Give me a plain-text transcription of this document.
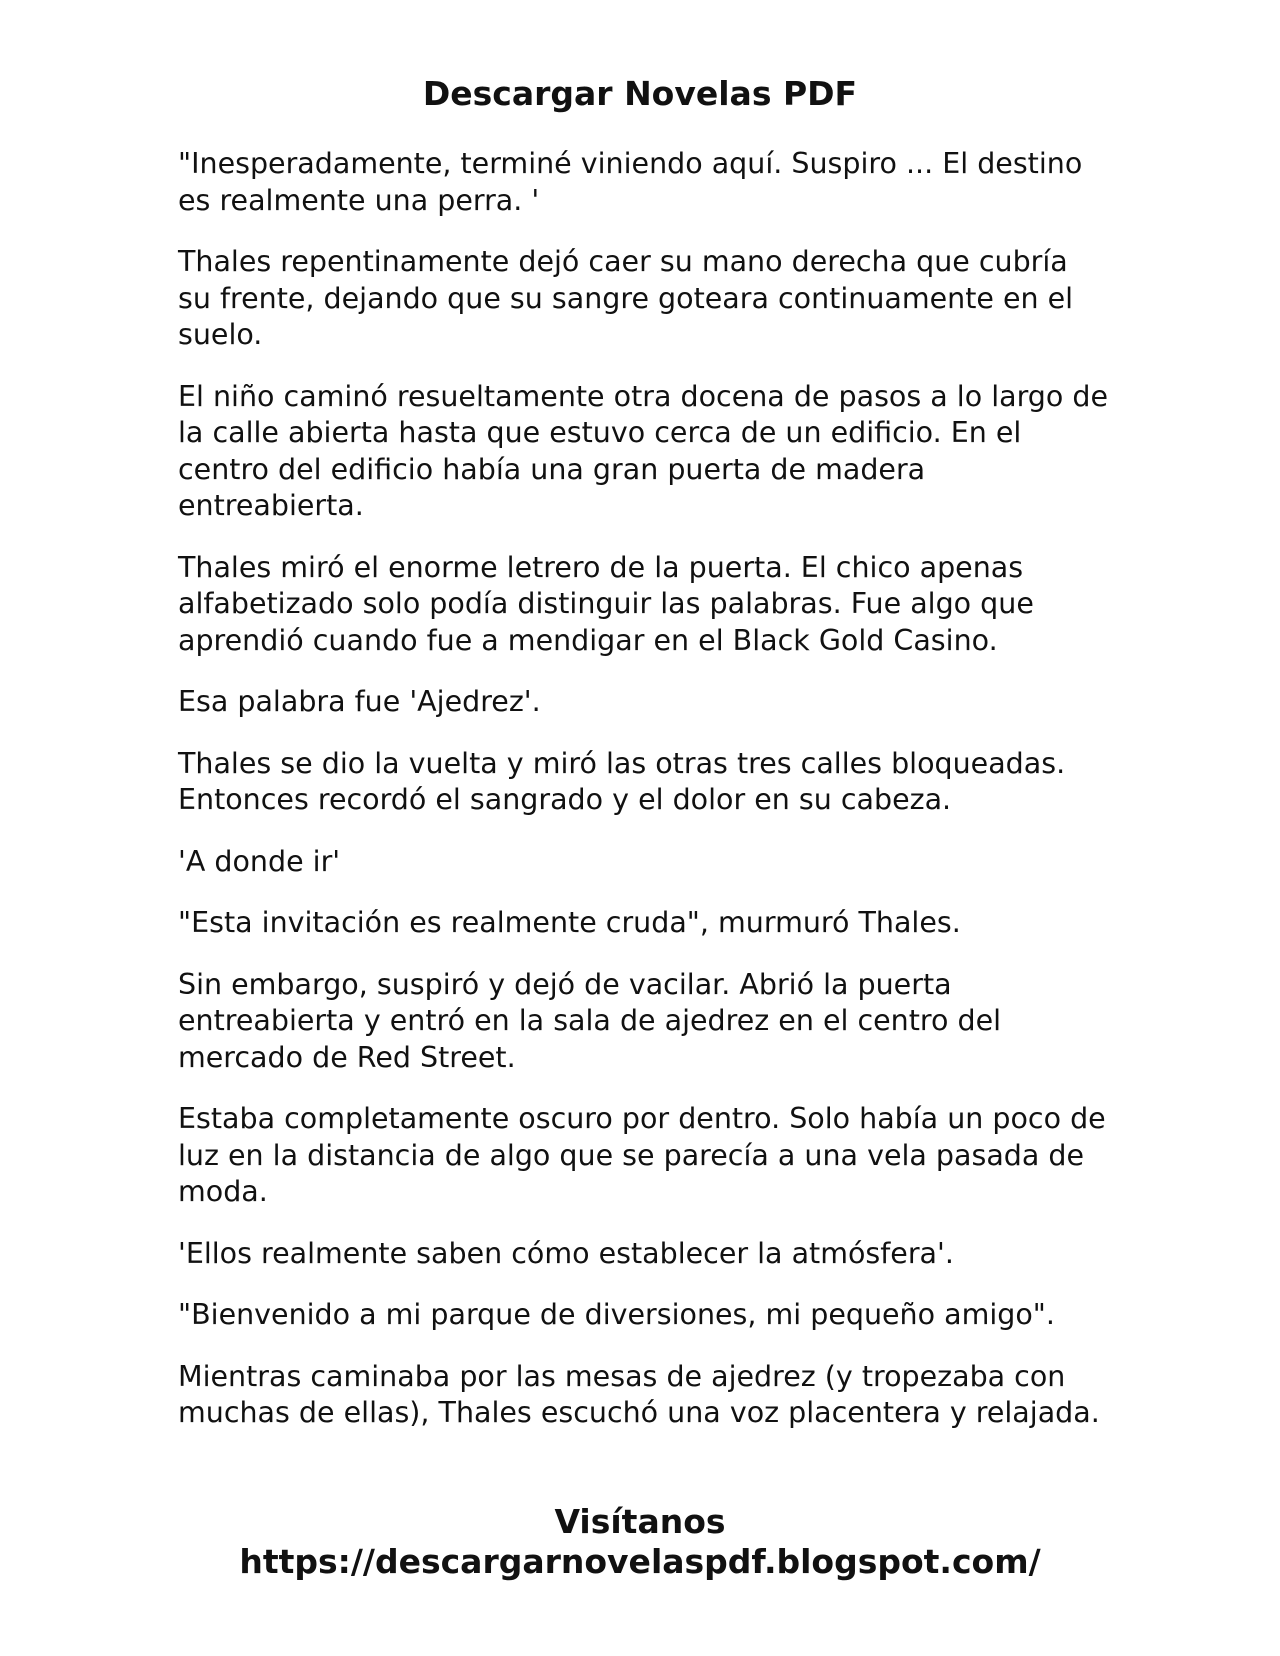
Descargar Novelas PDF

"Inesperadamente, terminé viniendo aquí. Suspiro ... El destino es realmente una perra. '

Thales repentinamente dejó caer su mano derecha que cubría su frente, dejando que su sangre goteara continuamente en el suelo.

El niño caminó resueltamente otra docena de pasos a lo largo de la calle abierta hasta que estuvo cerca de un edificio. En el centro del edificio había una gran puerta de madera entreabierta.

Thales miró el enorme letrero de la puerta. El chico apenas alfabetizado solo podía distinguir las palabras. Fue algo que aprendió cuando fue a mendigar en el Black Gold Casino.

Esa palabra fue 'Ajedrez'.

Thales se dio la vuelta y miró las otras tres calles bloqueadas. Entonces recordó el sangrado y el dolor en su cabeza.

'A donde ir'

"Esta invitación es realmente cruda", murmuró Thales.

Sin embargo, suspiró y dejó de vacilar. Abrió la puerta entreabierta y entró en la sala de ajedrez en el centro del mercado de Red Street.

Estaba completamente oscuro por dentro. Solo había un poco de luz en la distancia de algo que se parecía a una vela pasada de moda.

'Ellos realmente saben cómo establecer la atmósfera'.

"Bienvenido a mi parque de diversiones, mi pequeño amigo".

Mientras caminaba por las mesas de ajedrez (y tropezaba con muchas de ellas), Thales escuchó una voz placentera y relajada.

Visítanos
https://descargarnovelaspdf.blogspot.com/
